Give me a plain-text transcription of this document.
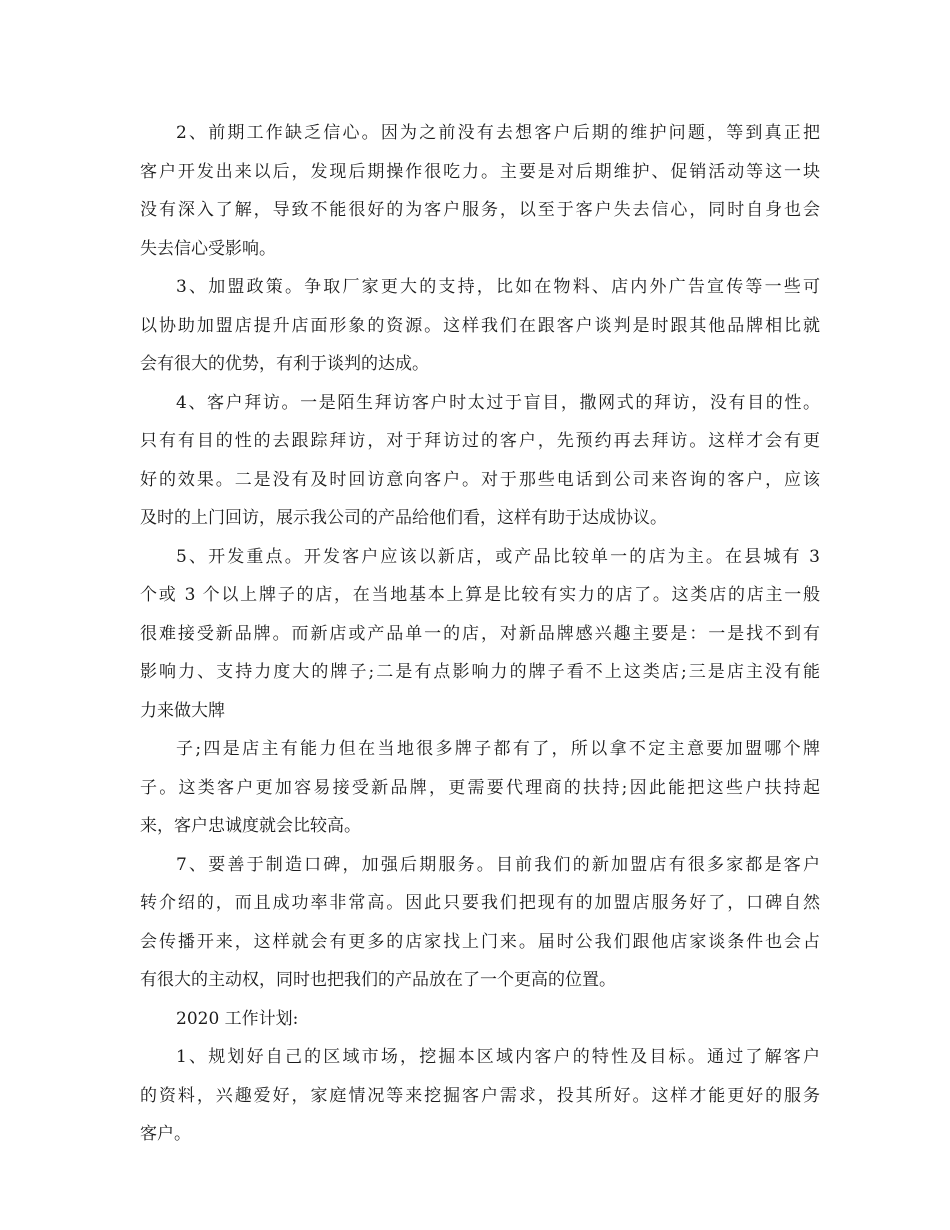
2、前期工作缺乏信心。因为之前没有去想客户后期的维护问题，等到真正把
客户开发出来以后，发现后期操作很吃力。主要是对后期维护、促销活动等这一块
没有深入了解，导致不能很好的为客户服务，以至于客户失去信心，同时自身也会
失去信心受影响。
3、加盟政策。争取厂家更大的支持，比如在物料、店内外广告宣传等一些可
以协助加盟店提升店面形象的资源。这样我们在跟客户谈判是时跟其他品牌相比就
会有很大的优势，有利于谈判的达成。
4、客户拜访。一是陌生拜访客户时太过于盲目，撒网式的拜访，没有目的性。
只有有目的性的去跟踪拜访，对于拜访过的客户，先预约再去拜访。这样才会有更
好的效果。二是没有及时回访意向客户。对于那些电话到公司来咨询的客户，应该
及时的上门回访，展示我公司的产品给他们看，这样有助于达成协议。
5、开发重点。开发客户应该以新店，或产品比较单一的店为主。在县城有 3
个或 3 个以上牌子的店，在当地基本上算是比较有实力的店了。这类店的店主一般
很难接受新品牌。而新店或产品单一的店，对新品牌感兴趣主要是：一是找不到有
影响力、支持力度大的牌子;二是有点影响力的牌子看不上这类店;三是店主没有能
力来做大牌
子;四是店主有能力但在当地很多牌子都有了，所以拿不定主意要加盟哪个牌
子。这类客户更加容易接受新品牌，更需要代理商的扶持;因此能把这些户扶持起
来，客户忠诚度就会比较高。
7、要善于制造口碑，加强后期服务。目前我们的新加盟店有很多家都是客户
转介绍的，而且成功率非常高。因此只要我们把现有的加盟店服务好了，口碑自然
会传播开来，这样就会有更多的店家找上门来。届时公我们跟他店家谈条件也会占
有很大的主动权，同时也把我们的产品放在了一个更高的位置。
2020 工作计划:
1、规划好自己的区域市场，挖掘本区域内客户的特性及目标。通过了解客户
的资料，兴趣爱好，家庭情况等来挖掘客户需求，投其所好。这样才能更好的服务
客户。
